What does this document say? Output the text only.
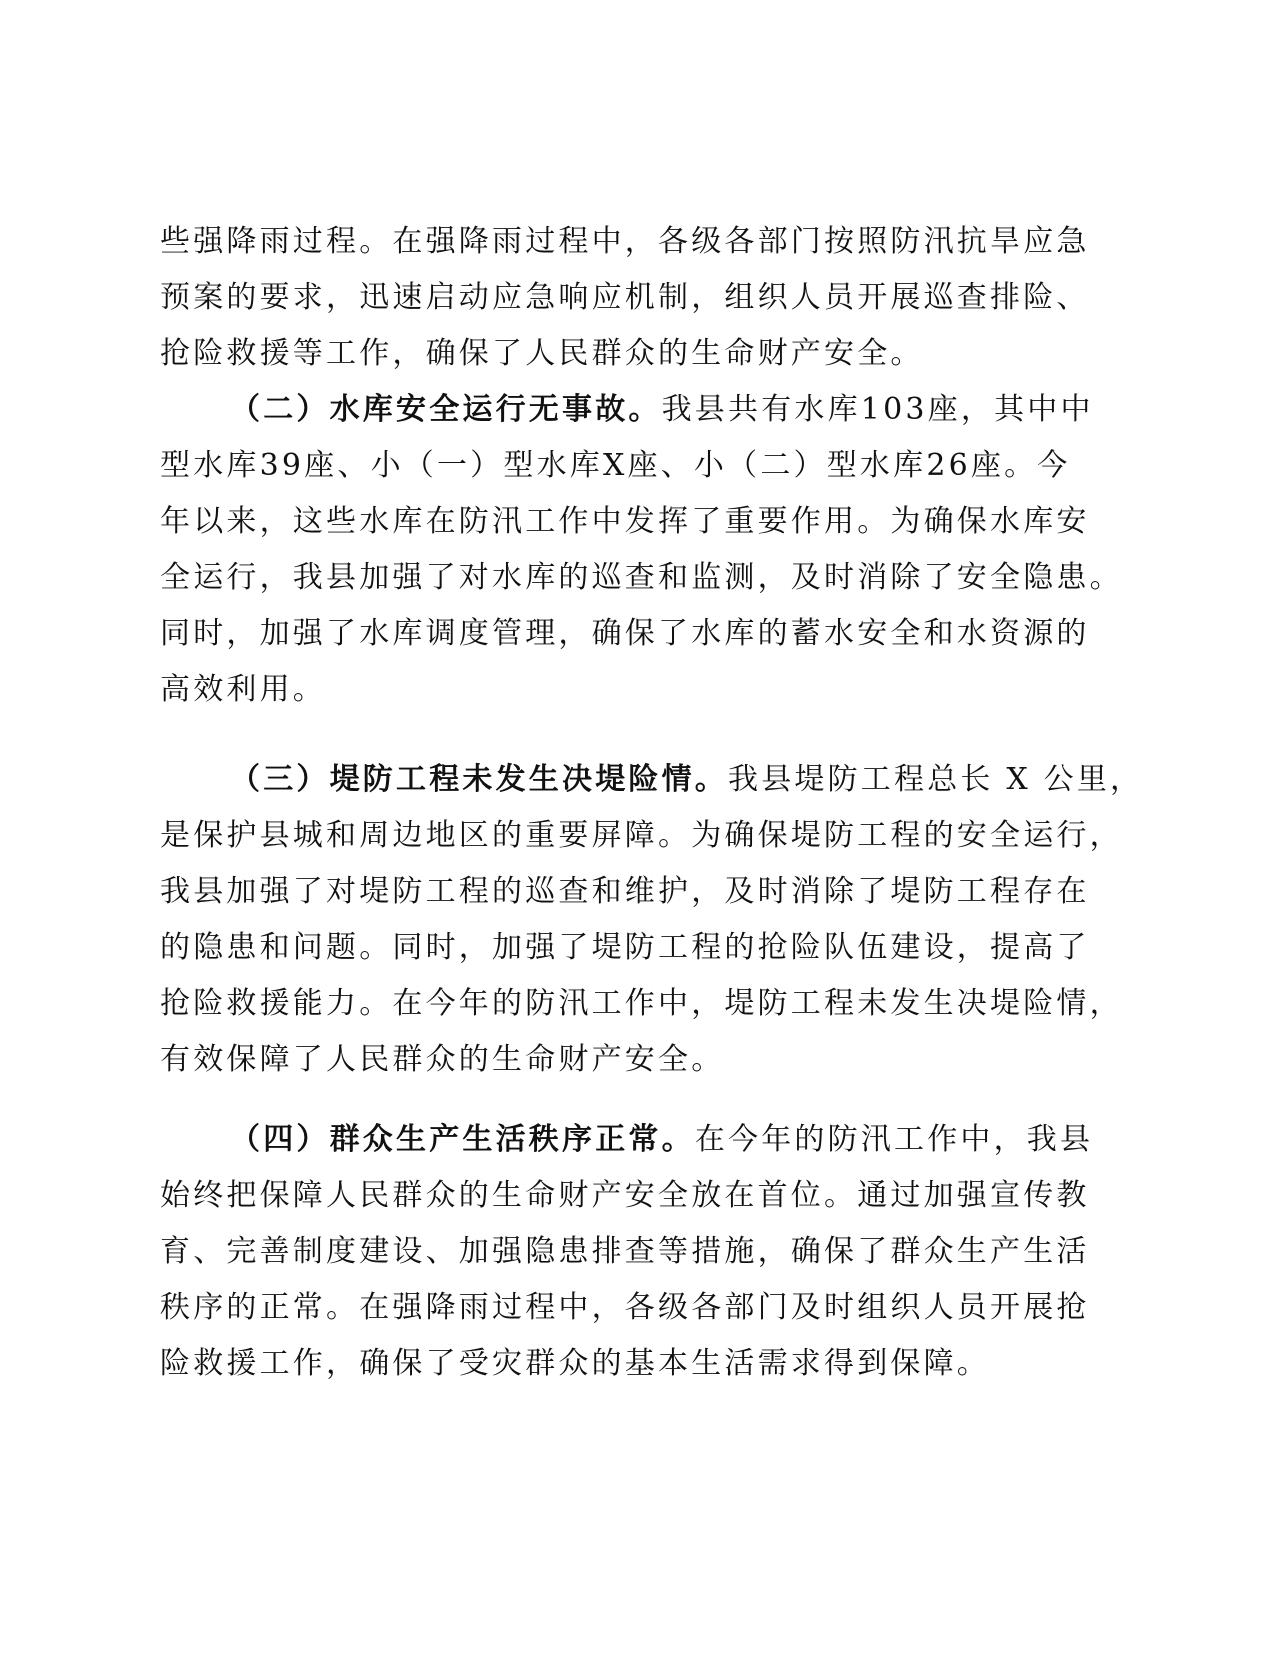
些强降雨过程。在强降雨过程中，各级各部门按照防汛抗旱应急
预案的要求，迅速启动应急响应机制，组织人员开展巡查排险、
抢险救援等工作，确保了人民群众的生命财产安全。
（二）水库安全运行无事故。我县共有水库103座，其中中
型水库39座、小（一）型水库X座、小（二）型水库26座。今
年以来，这些水库在防汛工作中发挥了重要作用。为确保水库安
全运行，我县加强了对水库的巡查和监测，及时消除了安全隐患。
同时，加强了水库调度管理，确保了水库的蓄水安全和水资源的
高效利用。
（三）堤防工程未发生决堤险情。我县堤防工程总长 X 公里，
是保护县城和周边地区的重要屏障。为确保堤防工程的安全运行，
我县加强了对堤防工程的巡查和维护，及时消除了堤防工程存在
的隐患和问题。同时，加强了堤防工程的抢险队伍建设，提高了
抢险救援能力。在今年的防汛工作中，堤防工程未发生决堤险情，
有效保障了人民群众的生命财产安全。
（四）群众生产生活秩序正常。在今年的防汛工作中，我县
始终把保障人民群众的生命财产安全放在首位。通过加强宣传教
育、完善制度建设、加强隐患排查等措施，确保了群众生产生活
秩序的正常。在强降雨过程中，各级各部门及时组织人员开展抢
险救援工作，确保了受灾群众的基本生活需求得到保障。
